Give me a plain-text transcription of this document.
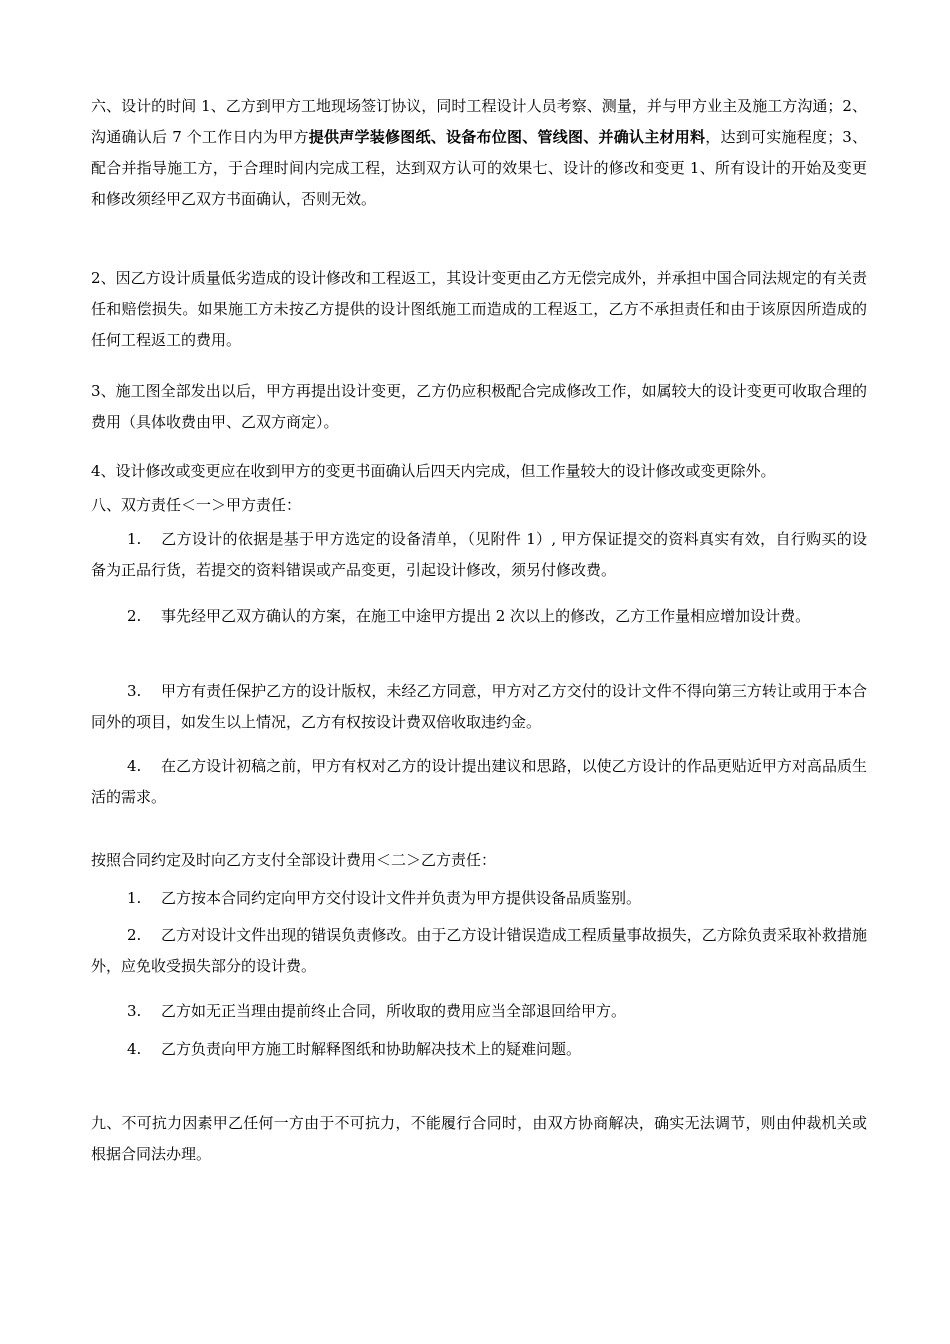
六、设计的时间 1、乙方到甲方工地现场签订协议，同时工程设计人员考察、测量，并与甲方业主及施工方沟通；2、沟通确认后 7 个工作日内为甲方提供声学装修图纸、设备布位图、管线图、并确认主材用料，达到可实施程度；3、配合并指导施工方，于合理时间内完成工程，达到双方认可的效果七、设计的修改和变更 1、所有设计的开始及变更和修改须经甲乙双方书面确认，否则无效。

2、因乙方设计质量低劣造成的设计修改和工程返工，其设计变更由乙方无偿完成外，并承担中国合同法规定的有关责任和赔偿损失。如果施工方未按乙方提供的设计图纸施工而造成的工程返工，乙方不承担责任和由于该原因所造成的任何工程返工的费用。

3、施工图全部发出以后，甲方再提出设计变更，乙方仍应积极配合完成修改工作，如属较大的设计变更可收取合理的费用（具体收费由甲、乙双方商定）。

4、设计修改或变更应在收到甲方的变更书面确认后四天内完成，但工作量较大的设计修改或变更除外。

八、双方责任＜一＞甲方责任：

1. 乙方设计的依据是基于甲方选定的设备清单，（见附件 1）, 甲方保证提交的资料真实有效，自行购买的设备为正品行货，若提交的资料错误或产品变更，引起设计修改，须另付修改费。

2. 事先经甲乙双方确认的方案，在施工中途甲方提出 2 次以上的修改，乙方工作量相应增加设计费。

3. 甲方有责任保护乙方的设计版权，未经乙方同意，甲方对乙方交付的设计文件不得向第三方转让或用于本合同外的项目，如发生以上情况，乙方有权按设计费双倍收取违约金。

4. 在乙方设计初稿之前，甲方有权对乙方的设计提出建议和思路，以使乙方设计的作品更贴近甲方对高品质生活的需求。

按照合同约定及时向乙方支付全部设计费用＜二＞乙方责任：

1. 乙方按本合同约定向甲方交付设计文件并负责为甲方提供设备品质鉴别。

2. 乙方对设计文件出现的错误负责修改。由于乙方设计错误造成工程质量事故损失，乙方除负责采取补救措施外，应免收受损失部分的设计费。

3. 乙方如无正当理由提前终止合同，所收取的费用应当全部退回给甲方。

4. 乙方负责向甲方施工时解释图纸和协助解决技术上的疑难问题。

九、不可抗力因素甲乙任何一方由于不可抗力，不能履行合同时，由双方协商解决，确实无法调节，则由仲裁机关或根据合同法办理。
